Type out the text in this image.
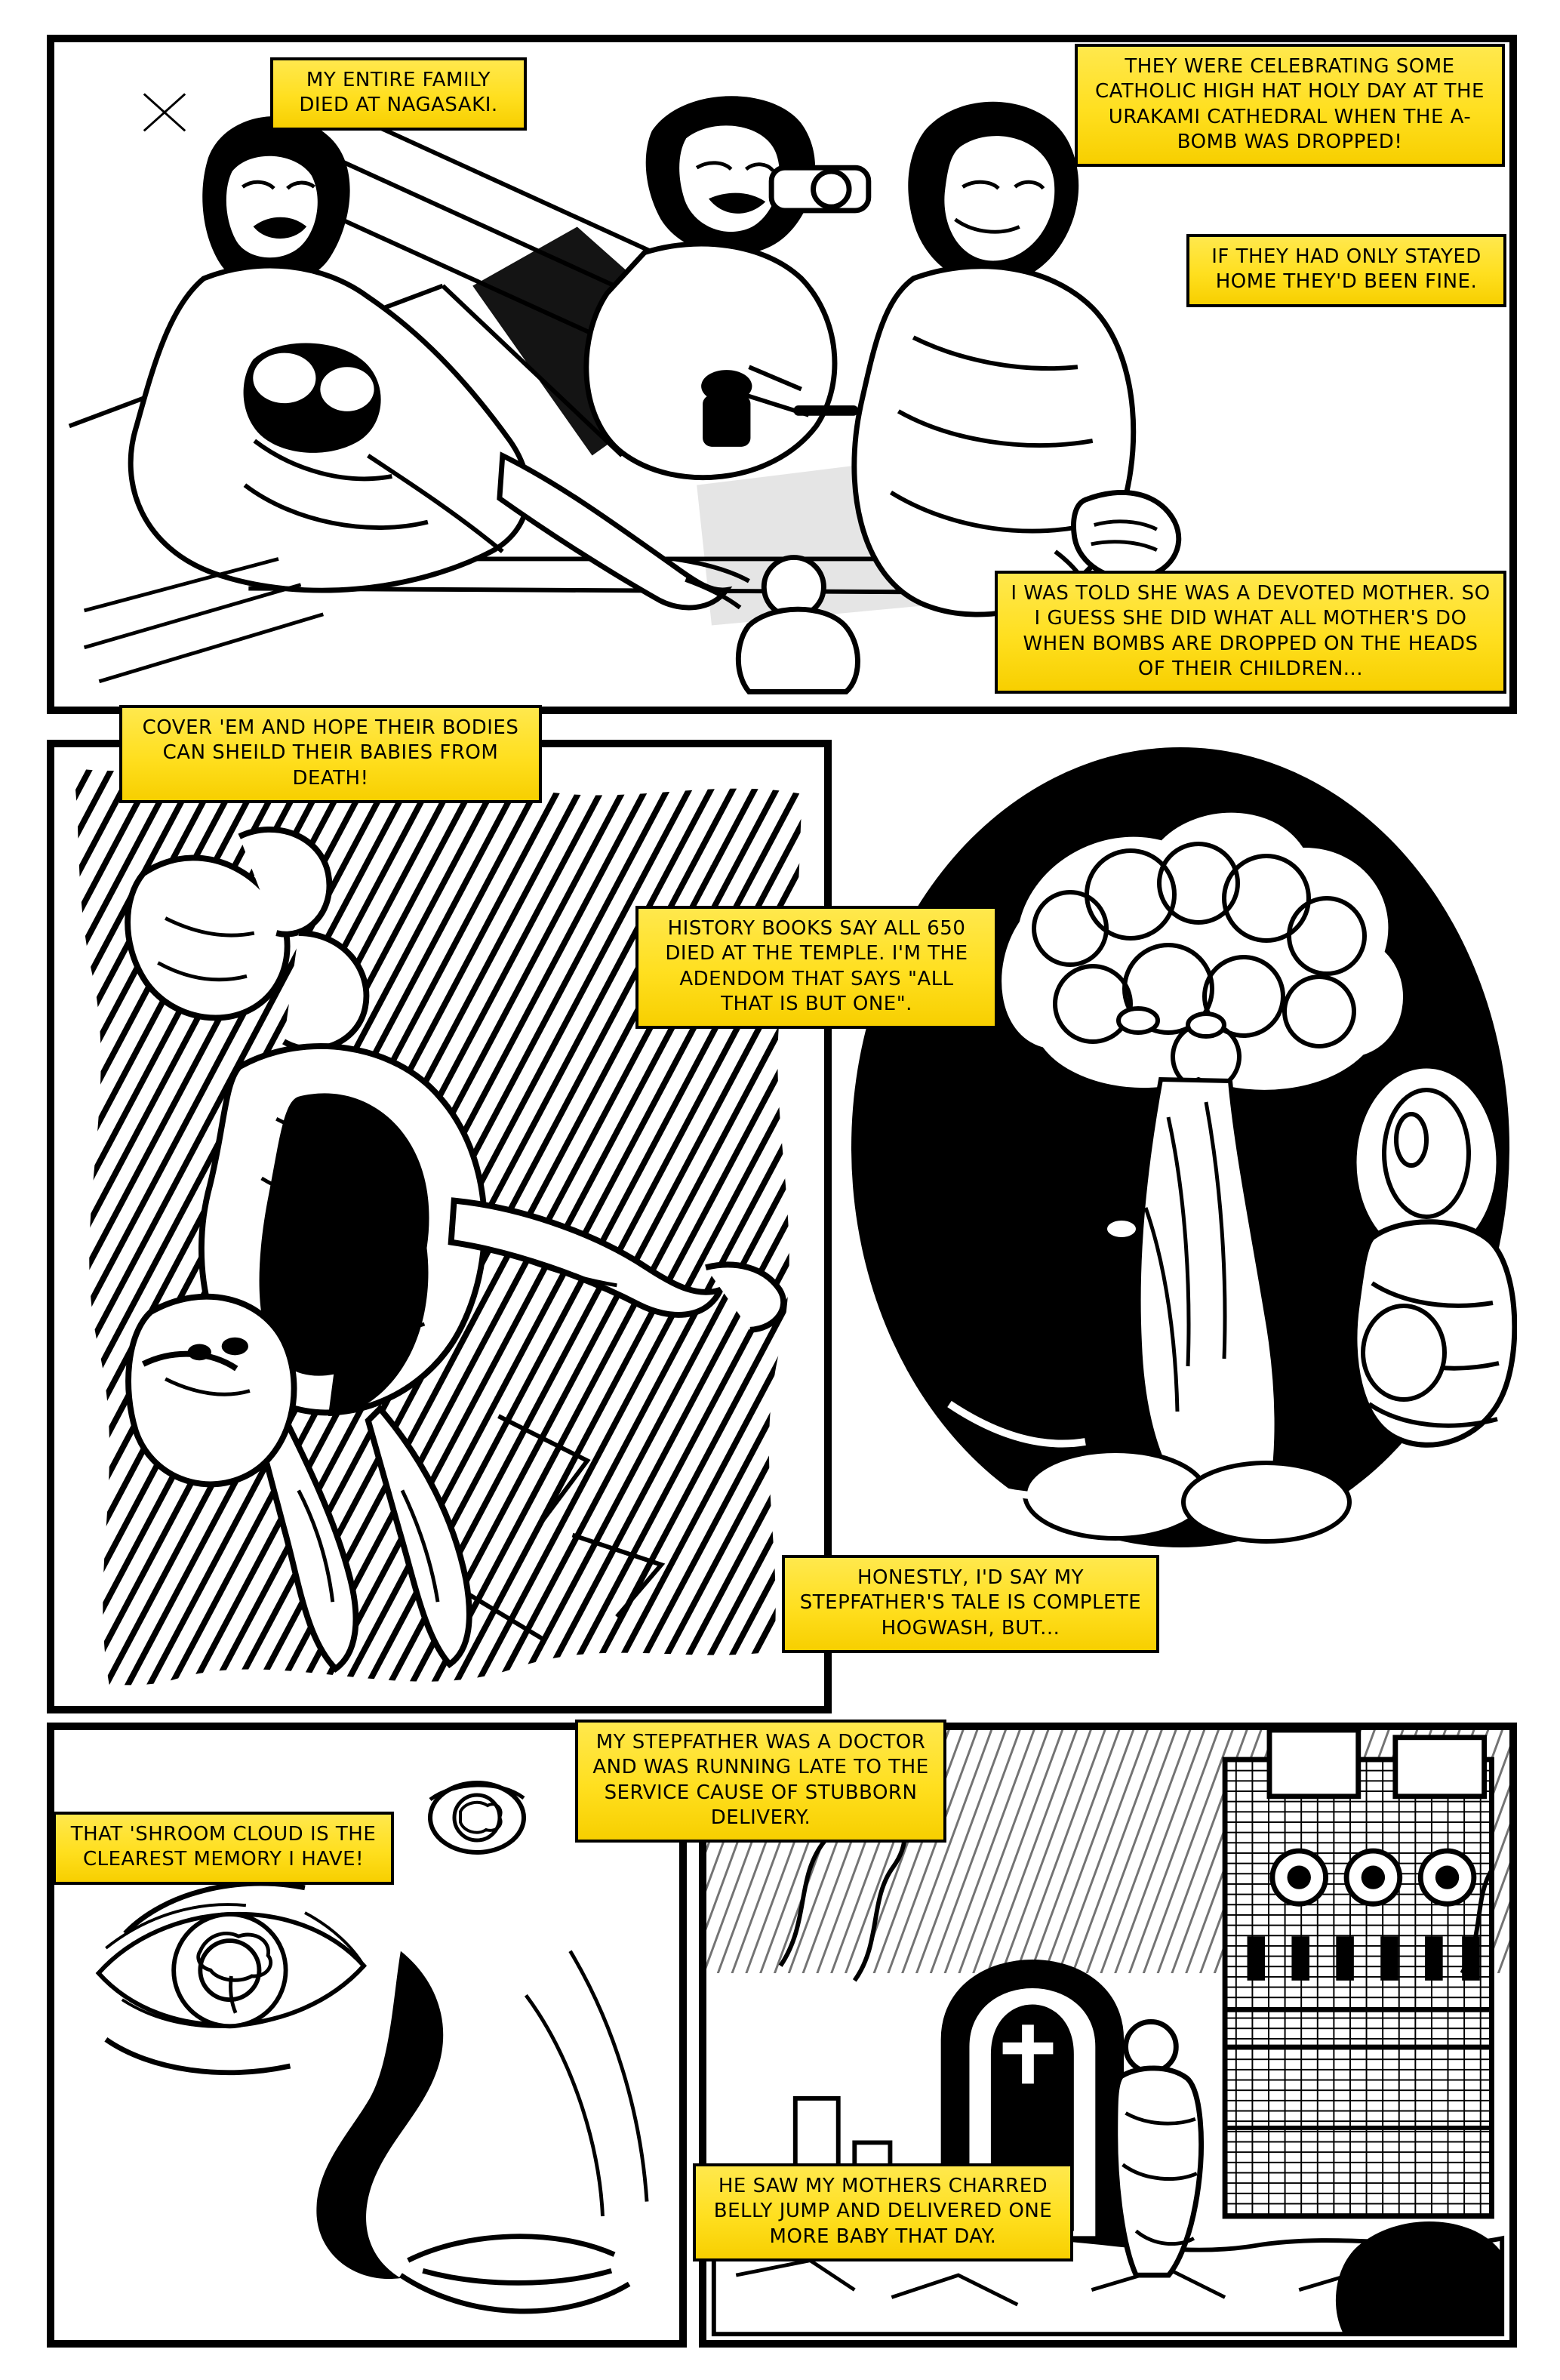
MY ENTIRE FAMILY DIED AT NAGASAKI.
THEY WERE CELEBRATING SOME CATHOLIC HIGH HAT HOLY DAY AT THE URAKAMI CATHEDRAL WHEN THE A-BOMB WAS DROPPED!
IF THEY HAD ONLY STAYED HOME THEY'D BEEN FINE.
I WAS TOLD SHE WAS A DEVOTED MOTHER. SO I GUESS SHE DID WHAT ALL MOTHER'S DO WHEN BOMBS ARE DROPPED ON THE HEADS OF THEIR CHILDREN...
COVER 'EM AND HOPE THEIR BODIES CAN SHEILD THEIR BABIES FROM DEATH!
HISTORY BOOKS SAY ALL 650 DIED AT THE TEMPLE. I'M THE ADENDOM THAT SAYS "ALL THAT IS BUT ONE".
HONESTLY, I'D SAY MY STEPFATHER'S TALE IS COMPLETE HOGWASH, BUT...
THAT 'SHROOM CLOUD IS THE CLEAREST MEMORY I HAVE!
MY STEPFATHER WAS A DOCTOR AND WAS RUNNING LATE TO THE SERVICE CAUSE OF STUBBORN DELIVERY.
HE SAW MY MOTHERS CHARRED BELLY JUMP AND DELIVERED ONE MORE BABY THAT DAY.
